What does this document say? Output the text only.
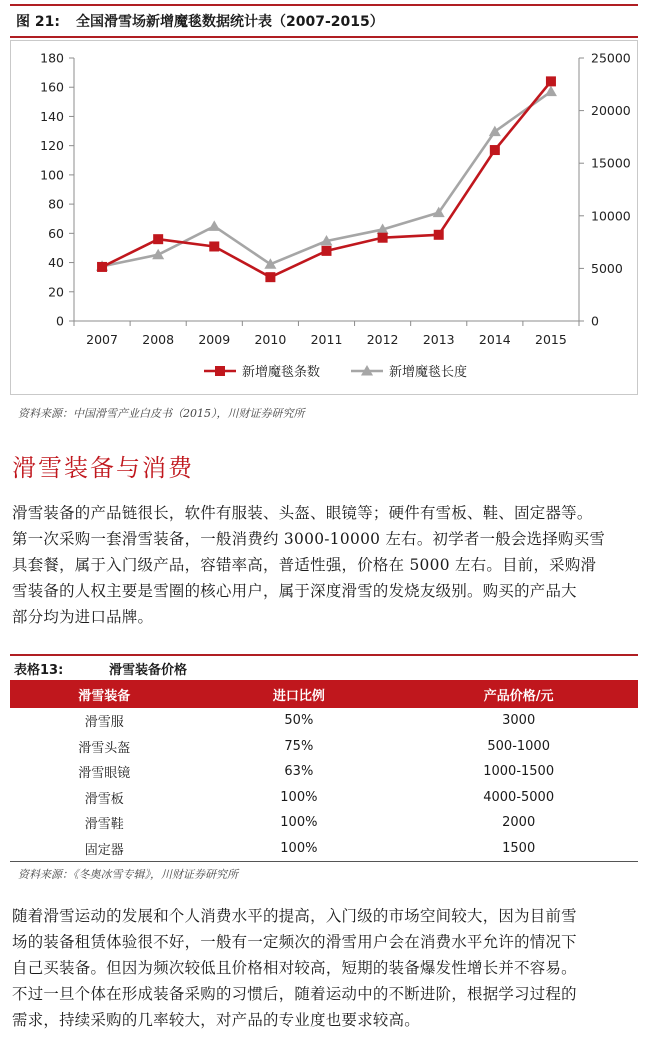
图 21:	全国滑雪场新增魔毯数据统计表（2007-2015）
0
20
40
60
80
100
120
140
160
180
0
5000
10000
15000
20000
25000
2007 2008 2009 2010 2011 2012 2013 2014 2015
新增魔毯条数	新增魔毯长度
资料来源：中国滑雪产业白皮书（2015），川财证券研究所
滑雪装备与消费
滑雪装备的产品链很长，软件有服装、头盔、眼镜等；硬件有雪板、鞋、固定器等。
第一次采购一套滑雪装备，一般消费约 3000-10000 左右。初学者一般会选择购买雪
具套餐，属于入门级产品，容错率高，普适性强，价格在 5000 左右。目前，采购滑
雪装备的人权主要是雪圈的核心用户，属于深度滑雪的发烧友级别。购买的产品大
部分均为进口品牌。
表格13:	滑雪装备价格
滑雪装备	进口比例	产品价格/元
滑雪服	50%	3000
滑雪头盔	75%	500-1000
滑雪眼镜	63%	1000-1500
滑雪板	100%	4000-5000
滑雪鞋	100%	2000
固定器	100%	1500
资料来源：《冬奥冰雪专辑》，川财证券研究所
随着滑雪运动的发展和个人消费水平的提高，入门级的市场空间较大，因为目前雪
场的装备租赁体验很不好，一般有一定频次的滑雪用户会在消费水平允许的情况下
自己买装备。但因为频次较低且价格相对较高，短期的装备爆发性增长并不容易。
不过一旦个体在形成装备采购的习惯后，随着运动中的不断进阶，根据学习过程的
需求，持续采购的几率较大，对产品的专业度也要求较高。
